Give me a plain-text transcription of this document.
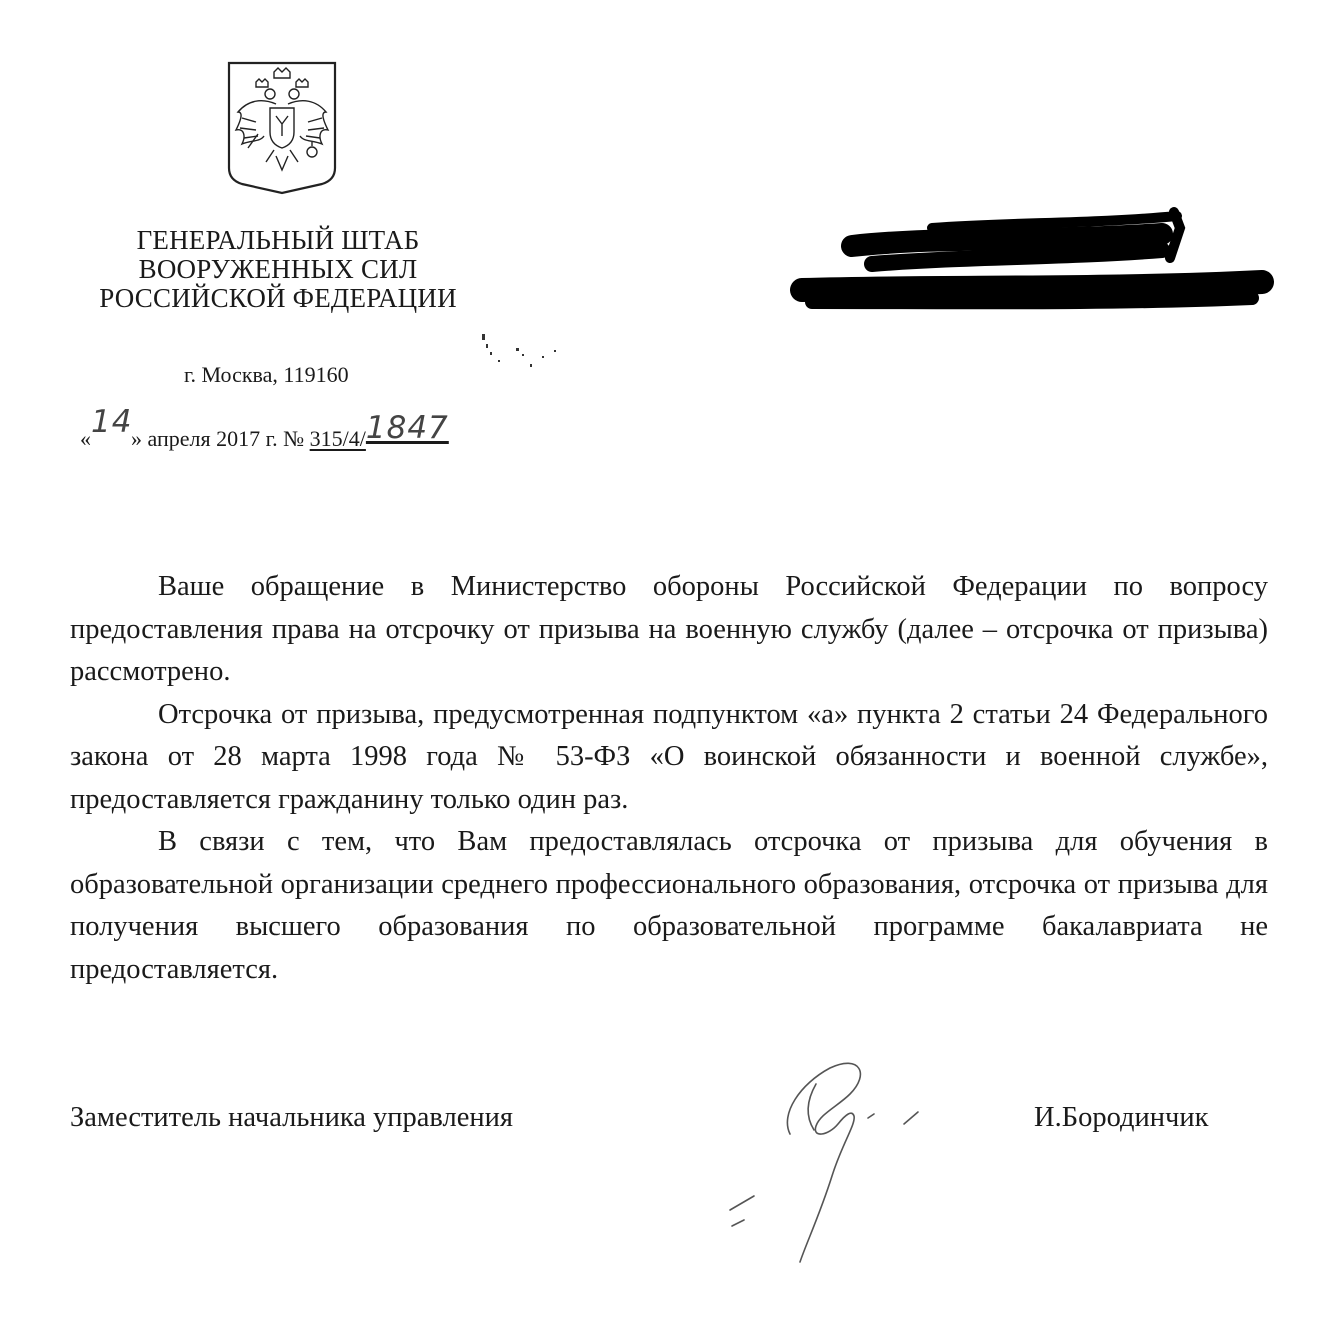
ГЕНЕРАЛЬНЫЙ ШТАБ
ВООРУЖЕННЫХ СИЛ
РОССИЙСКОЙ ФЕДЕРАЦИИ
г. Москва, 119160
«14» апреля 2017 г. № 315/4/1847

Ваше обращение в Министерство обороны Российской Федерации по вопросу предоставления права на отсрочку от призыва на военную службу (далее – отсрочка от призыва) рассмотрено.

Отсрочка от призыва, предусмотренная подпунктом «а» пункта 2 статьи 24 Федерального закона от 28 марта 1998 года № 53-ФЗ «О воинской обязанности и военной службе», предоставляется гражданину только один раз.

В связи с тем, что Вам предоставлялась отсрочка от призыва для обучения в образовательной организации среднего профессионального образования, отсрочка от призыва для получения высшего образования по образовательной программе бакалавриата не предоставляется.

Заместитель начальника управления	И.Бородинчик
